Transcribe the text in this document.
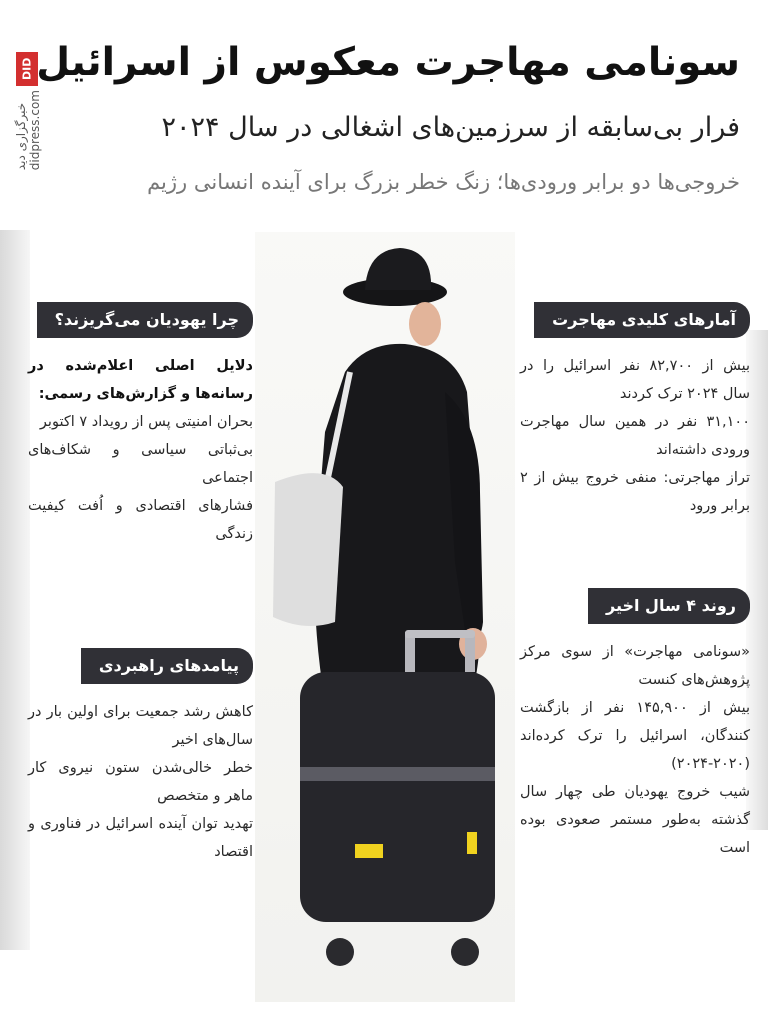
DID
خبرگزاری دید didpress.com
سونامی مهاجرت معکوس از اسرائیل
فرار بی‌سابقه از سرزمین‌های اشغالی در سال ۲۰۲۴
خروجی‌ها دو برابر ورودی‌ها؛ زنگ خطر بزرگ برای آینده انسانی رژیم
آمارهای کلیدی مهاجرت

بیش از ۸۲,۷۰۰ نفر اسرائیل را در سال ۲۰۲۴ ترک کردند

۳۱,۱۰۰ نفر در همین سال مهاجرت ورودی داشته‌اند

تراز مهاجرتی: منفی خروج بیش از ۲ برابر ورود

روند ۴ سال اخیر

«سونامی مهاجرت» از سوی مرکز پژوهش‌های کنست

بیش از ۱۴۵,۹۰۰ نفر از بازگشت کنندگان، اسرائیل را ترک کرده‌اند (۲۰۲۰-۲۰۲۴)

شیب خروج یهودیان طی چهار سال گذشته به‌طور مستمر صعودی بوده است

چرا یهودیان می‌گریزند؟

دلایل اصلی اعلام‌شده در رسانه‌ها و گزارش‌های رسمی:

بحران امنیتی پس از رویداد ۷ اکتوبر

بی‌ثباتی سیاسی و شکاف‌های اجتماعی

فشارهای اقتصادی و اُفت کیفیت زندگی

پیامدهای راهبردی

کاهش رشد جمعیت برای اولین بار در سال‌های اخیر

خطر خالی‌شدن ستون نیروی کار ماهر و متخصص

تهدید توان آینده اسرائیل در فناوری و اقتصاد
